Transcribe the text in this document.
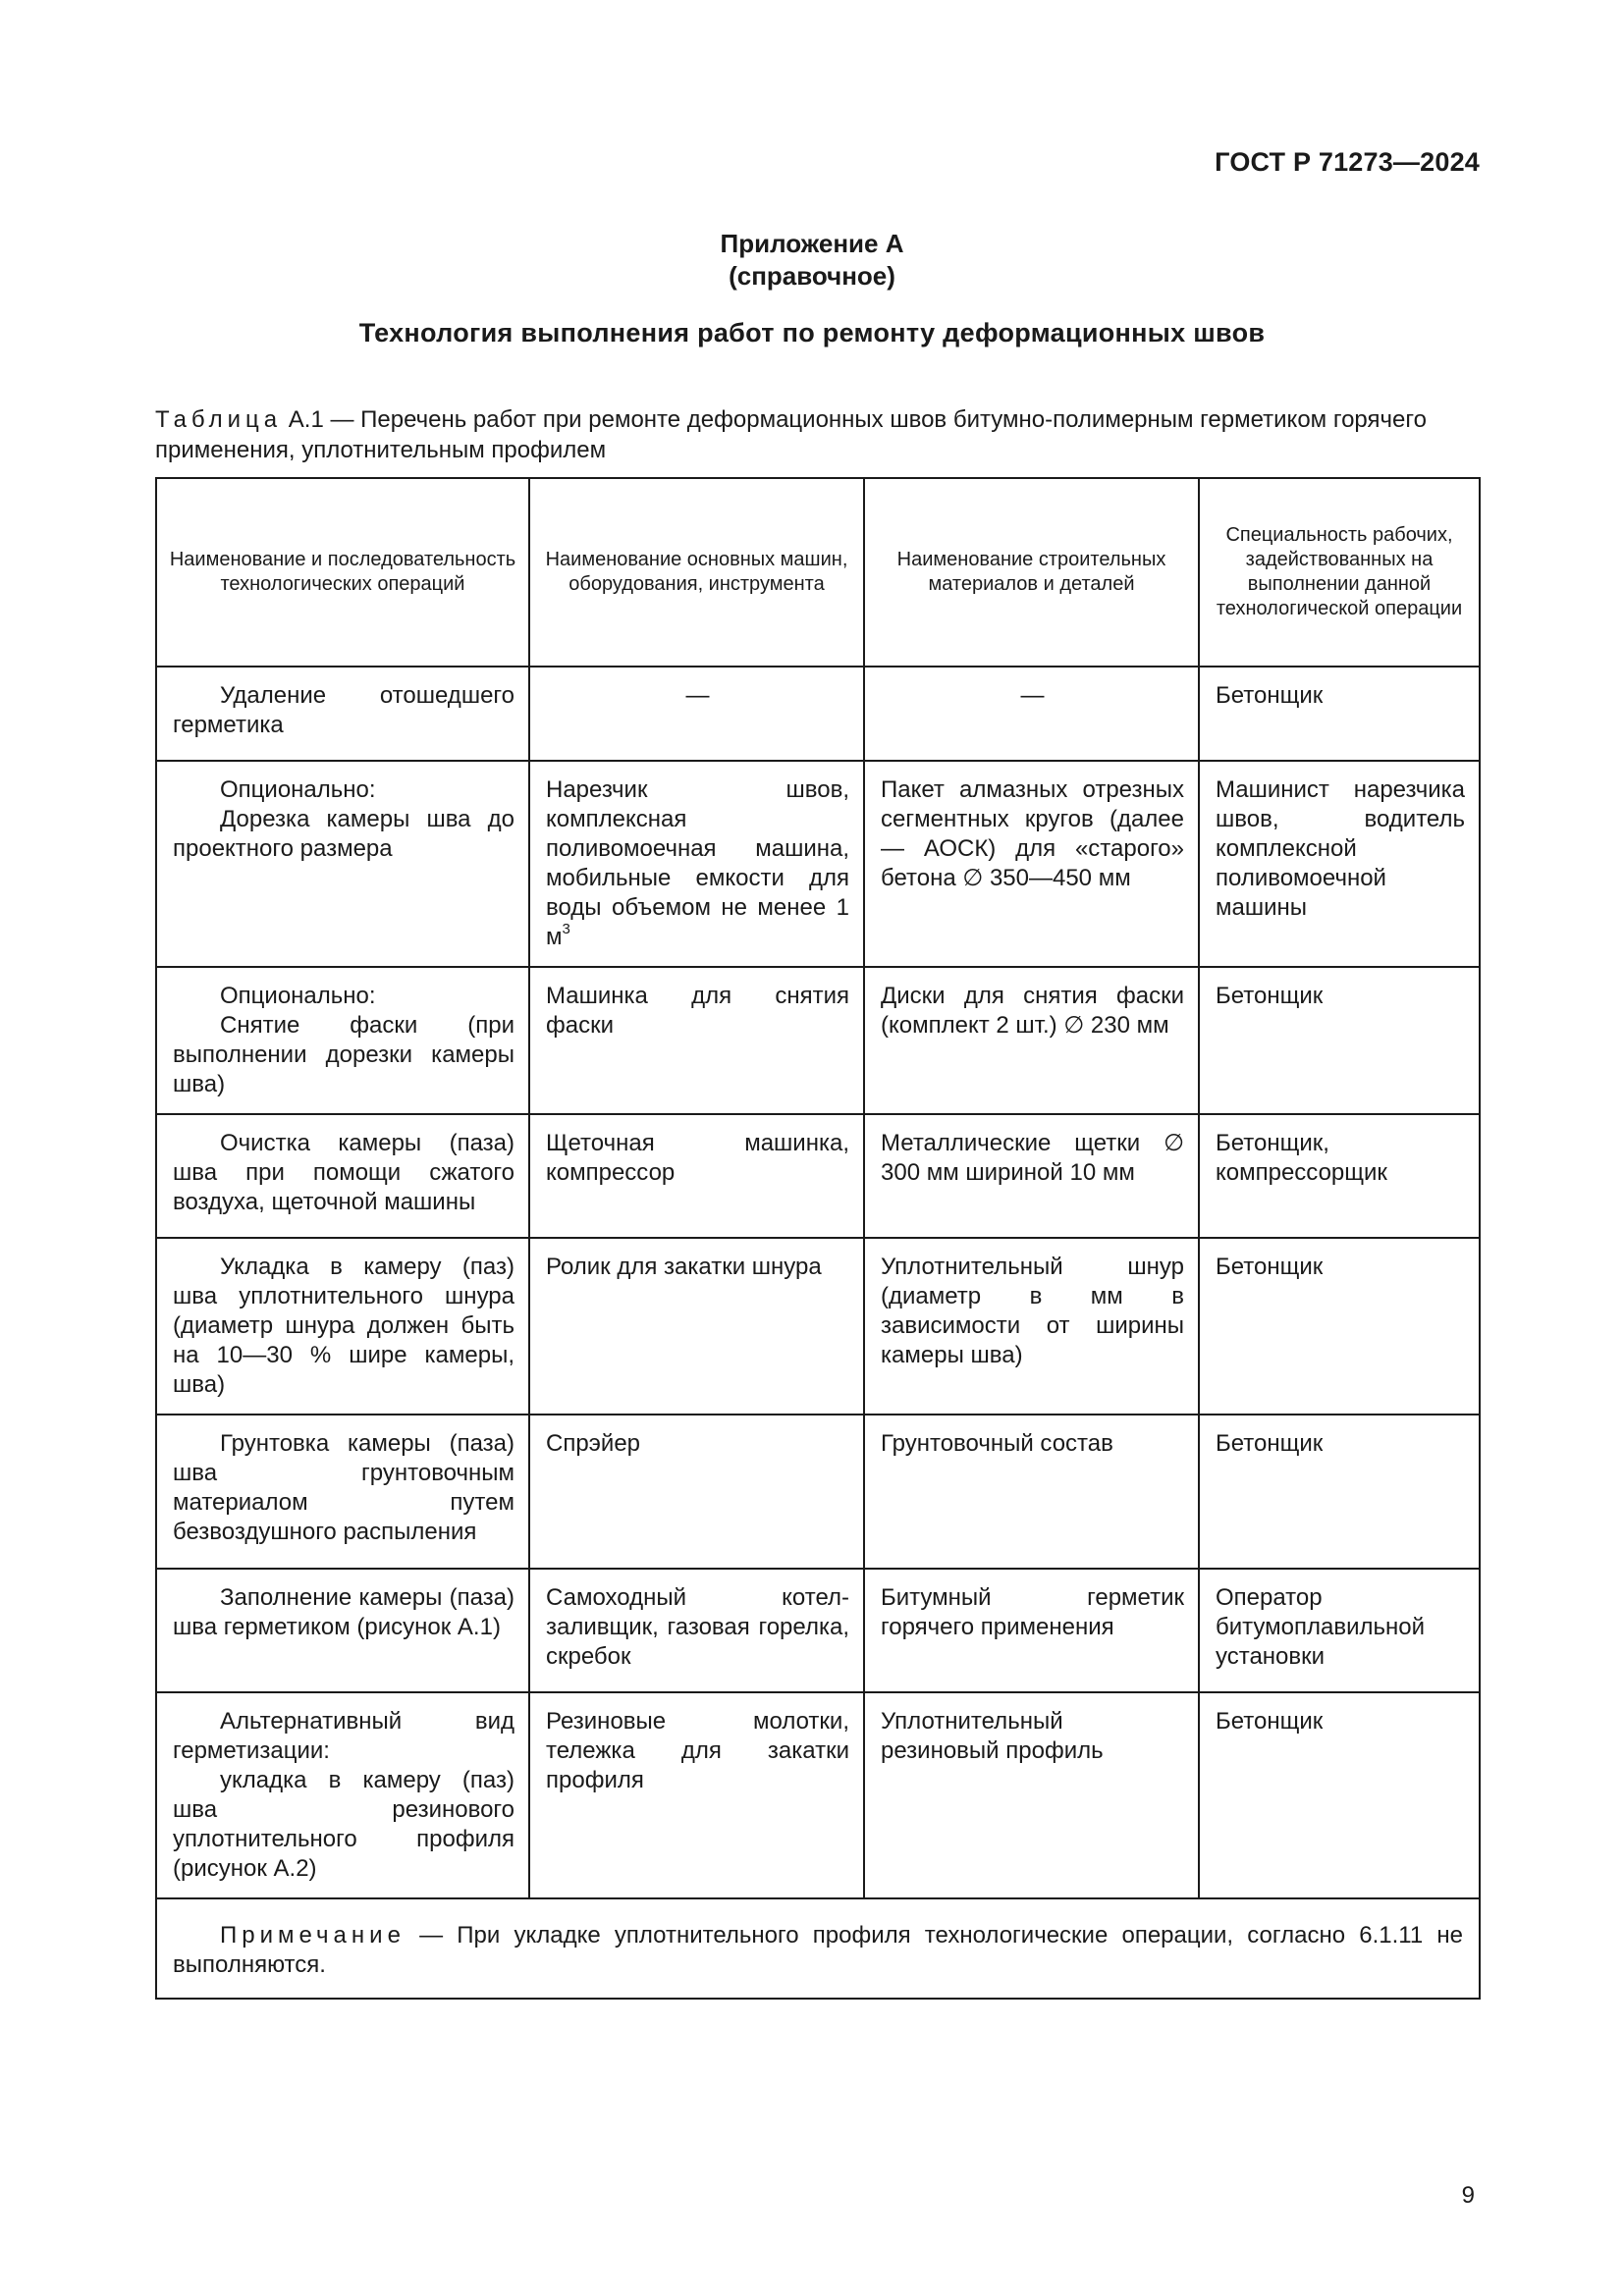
ГОСТ Р 71273—2024
Приложение А
(справочное)
Технология выполнения работ по ремонту деформационных швов
Таблица А.1 — Перечень работ при ремонте деформационных швов битумно-полимерным герметиком горячего применения, уплотнительным профилем
Наименование и последовательность технологических операций	Наименование основных машин, оборудования, инструмента	Наименование строительных материалов и деталей	Специальность рабочих, задействованных на выполнении данной технологической операции

Удаление отошедшего герметика	—	—	Бетонщик

Опционально:
Дорезка камеры шва до проектного размера	Нарезчик швов, комплексная поливомоечная машина, мобильные емкости для воды объемом не менее 1 $м^3$	Пакет алмазных отрезных сегментных кругов (далее — АОСК) для «старого» бетона ∅ 350—450 мм	Машинист нарезчика швов, водитель комплексной поливомоечной машины

Опционально:
Снятие фаски (при выполнении дорезки камеры шва)	Машинка для снятия фаски	Диски для снятия фаски (комплект 2 шт.) ∅ 230 мм	Бетонщик

Очистка камеры (паза) шва при помощи сжатого воздуха, щеточной машины	Щеточная машинка, компрессор	Металлические щетки ∅ 300 мм шириной 10 мм	Бетонщик, компрессорщик

Укладка в камеру (паз) шва уплотнительного шнура (диаметр шнура должен быть на 10—30 % шире камеры, шва)	Ролик для закатки шнура	Уплотнительный шнур (диаметр в мм в зависимости от ширины камеры шва)	Бетонщик

Грунтовка камеры (паза) шва грунтовочным материалом путем безвоздушного распыления	Спрэйер	Грунтовочный состав	Бетонщик

Заполнение камеры (паза) шва герметиком (рисунок А.1)	Самоходный котел-заливщик, газовая горелка, скребок	Битумный герметик горячего применения	Оператор битумоплавильной установки

Альтернативный вид герметизации:
укладка в камеру (паз) шва резинового уплотнительного профиля (рисунок А.2)	Резиновые молотки, тележка для закатки профиля	Уплотнительный резиновый профиль	Бетонщик
Примечание — При укладке уплотнительного профиля технологические операции, согласно 6.1.11 не выполняются.			
9
